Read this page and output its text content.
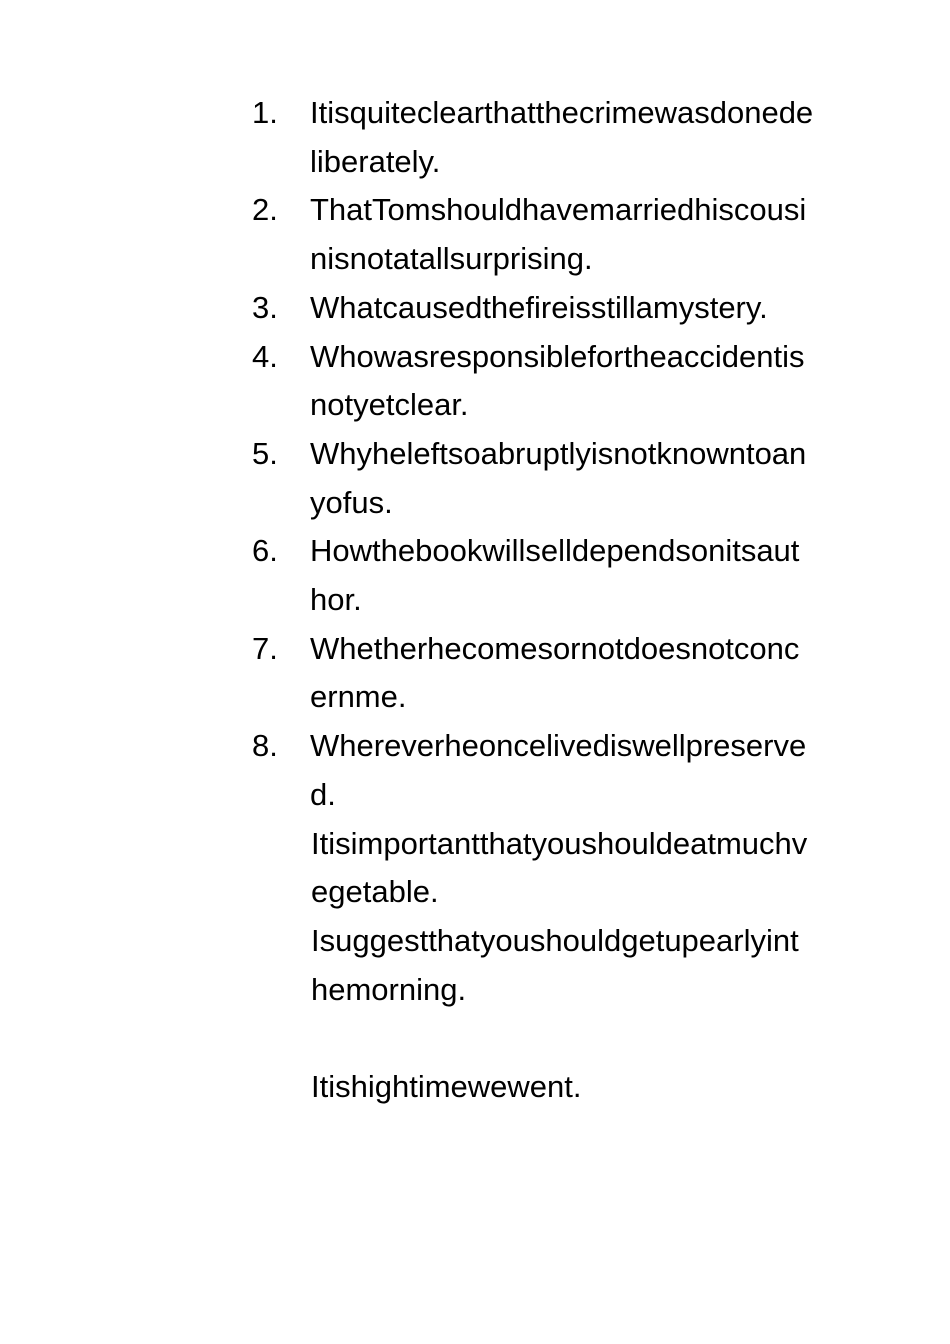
1.	Itisquiteclearthatthecrimewasdonedeliberately.
2.	ThatTomshouldhavemarriedhiscousinisnotatallsurprising.
3.	Whatcausedthefireisstillamystery.
4.	Whowasresponsiblefortheaccidentisnotyetclear.
5.	Whyheleftsoabruptlyisnotknowntoanyofus.
6.	Howthebookwillselldependsonitsauthor.
7.	Whetherhecomesornotdoesnotconcernme.
8.	Whereverheoncelivediswellpreserved.

Itisimportantthatyoushouldeatmuchvegetable.

Isuggestthatyoushouldgetupearlyinthemorning.

Itishightimewewent.
